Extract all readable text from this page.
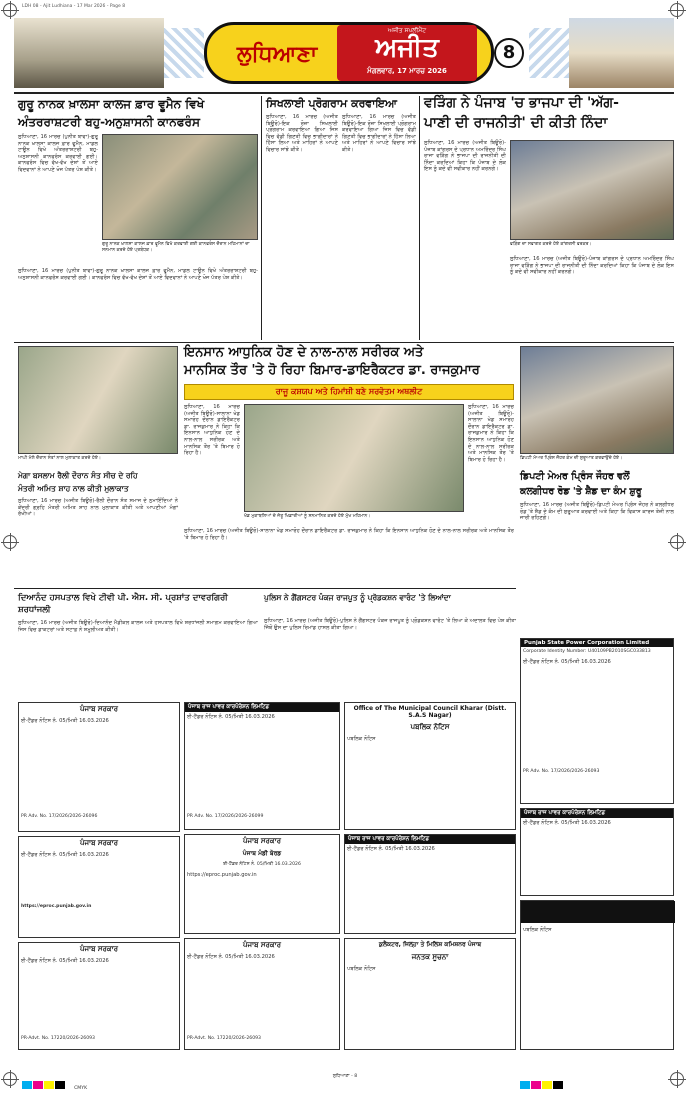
LDH 08 - Ajit Ludhiana - 17 Mar 2026 - Page 8
ਲੁਧਿਆਣਾ
ਅਜੀਤ ਸਪਲੀਮੈਂਟ
ਅਜੀਤ
ਮੰਗਲਵਾਰ, 17 ਮਾਰਚ 2026
8
ਗੁਰੂ ਨਾਨਕ ਖ਼ਾਲਸਾ ਕਾਲਜ ਫ਼ਾਰ ਵੂਮੈਨ ਵਿਖੇ
ਅੰਤਰਰਾਸ਼ਟਰੀ ਬਹੁ-ਅਨੁਸ਼ਾਸਨੀ ਕਾਨਫਰੰਸ
ਲੁਧਿਆਣਾ, 16 ਮਾਰਚ (ਪੁਨੀਤ ਬਾਵਾ)-ਗੁਰੂ ਨਾਨਕ ਖ਼ਾਲਸਾ ਕਾਲਜ ਫ਼ਾਰ ਵੂਮੈਨ, ਮਾਡਲ ਟਾਊਨ ਵਿਖੇ ਅੰਤਰਰਾਸ਼ਟਰੀ ਬਹੁ-ਅਨੁਸ਼ਾਸਨੀ ਕਾਨਫਰੰਸ ਕਰਵਾਈ ਗਈ। ਕਾਨਫਰੰਸ ਵਿਚ ਵੱਖ-ਵੱਖ ਦੇਸ਼ਾਂ ਤੋਂ ਆਏ ਵਿਦਵਾਨਾਂ ਨੇ ਆਪਣੇ ਖੋਜ ਪੱਤਰ ਪੇਸ਼ ਕੀਤੇ।
ਗੁਰੂ ਨਾਨਕ ਖ਼ਾਲਸਾ ਕਾਲਜ ਫ਼ਾਰ ਵੂਮੈਨ ਵਿਖੇ ਕਰਵਾਈ ਗਈ ਕਾਨਫਰੰਸ ਦੌਰਾਨ ਮਹਿਮਾਨਾਂ ਦਾ ਸਨਮਾਨ ਕਰਦੇ ਹੋਏ ਪ੍ਰਬੰਧਕ।
ਲੁਧਿਆਣਾ, 16 ਮਾਰਚ (ਪੁਨੀਤ ਬਾਵਾ)-ਗੁਰੂ ਨਾਨਕ ਖ਼ਾਲਸਾ ਕਾਲਜ ਫ਼ਾਰ ਵੂਮੈਨ, ਮਾਡਲ ਟਾਊਨ ਵਿਖੇ ਅੰਤਰਰਾਸ਼ਟਰੀ ਬਹੁ-ਅਨੁਸ਼ਾਸਨੀ ਕਾਨਫਰੰਸ ਕਰਵਾਈ ਗਈ। ਕਾਨਫਰੰਸ ਵਿਚ ਵੱਖ-ਵੱਖ ਦੇਸ਼ਾਂ ਤੋਂ ਆਏ ਵਿਦਵਾਨਾਂ ਨੇ ਆਪਣੇ ਖੋਜ ਪੱਤਰ ਪੇਸ਼ ਕੀਤੇ।
ਸਿਖਲਾਈ ਪ੍ਰੋਗਰਾਮ ਕਰਵਾਇਆ
ਲੁਧਿਆਣਾ, 16 ਮਾਰਚ (ਅਜੀਤ ਬਿਊਰੋ)-ਇਕ ਰੋਜ਼ਾ ਸਿਖਲਾਈ ਪ੍ਰੋਗਰਾਮ ਕਰਵਾਇਆ ਗਿਆ ਜਿਸ ਵਿਚ ਵੱਡੀ ਗਿਣਤੀ ਵਿਚ ਭਾਗੀਦਾਰਾਂ ਨੇ ਹਿੱਸਾ ਲਿਆ ਅਤੇ ਮਾਹਿਰਾਂ ਨੇ ਆਪਣੇ ਵਿਚਾਰ ਸਾਂਝੇ ਕੀਤੇ।
ਲੁਧਿਆਣਾ, 16 ਮਾਰਚ (ਅਜੀਤ ਬਿਊਰੋ)-ਇਕ ਰੋਜ਼ਾ ਸਿਖਲਾਈ ਪ੍ਰੋਗਰਾਮ ਕਰਵਾਇਆ ਗਿਆ ਜਿਸ ਵਿਚ ਵੱਡੀ ਗਿਣਤੀ ਵਿਚ ਭਾਗੀਦਾਰਾਂ ਨੇ ਹਿੱਸਾ ਲਿਆ ਅਤੇ ਮਾਹਿਰਾਂ ਨੇ ਆਪਣੇ ਵਿਚਾਰ ਸਾਂਝੇ ਕੀਤੇ।
ਵੜਿੰਗ ਨੇ ਪੰਜਾਬ 'ਚ ਭਾਜਪਾ ਦੀ 'ਅੱਗ-
ਪਾਣੀ ਦੀ ਰਾਜਨੀਤੀ' ਦੀ ਕੀਤੀ ਨਿੰਦਾ
ਲੁਧਿਆਣਾ, 16 ਮਾਰਚ (ਅਜੀਤ ਬਿਊਰੋ)-ਪੰਜਾਬ ਕਾਂਗਰਸ ਦੇ ਪ੍ਰਧਾਨ ਅਮਰਿੰਦਰ ਸਿੰਘ ਰਾਜਾ ਵੜਿੰਗ ਨੇ ਭਾਜਪਾ ਦੀ ਰਾਜਨੀਤੀ ਦੀ ਨਿੰਦਾ ਕਰਦਿਆਂ ਕਿਹਾ ਕਿ ਪੰਜਾਬ ਦੇ ਲੋਕ ਇਸ ਨੂੰ ਕਦੇ ਵੀ ਸਵੀਕਾਰ ਨਹੀਂ ਕਰਨਗੇ।
ਵੜਿੰਗ ਦਾ ਸਵਾਗਤ ਕਰਦੇ ਹੋਏ ਕਾਂਗਰਸੀ ਵਰਕਰ।
ਲੁਧਿਆਣਾ, 16 ਮਾਰਚ (ਅਜੀਤ ਬਿਊਰੋ)-ਪੰਜਾਬ ਕਾਂਗਰਸ ਦੇ ਪ੍ਰਧਾਨ ਅਮਰਿੰਦਰ ਸਿੰਘ ਰਾਜਾ ਵੜਿੰਗ ਨੇ ਭਾਜਪਾ ਦੀ ਰਾਜਨੀਤੀ ਦੀ ਨਿੰਦਾ ਕਰਦਿਆਂ ਕਿਹਾ ਕਿ ਪੰਜਾਬ ਦੇ ਲੋਕ ਇਸ ਨੂੰ ਕਦੇ ਵੀ ਸਵੀਕਾਰ ਨਹੀਂ ਕਰਨਗੇ।
ਇਨਸਾਨ ਆਧੁਨਿਕ ਹੋਣ ਦੇ ਨਾਲ-ਨਾਲ ਸਰੀਰਕ ਅਤੇ
ਮਾਨਸਿਕ ਤੌਰ 'ਤੇ ਹੋ ਰਿਹਾ ਬਿਮਾਰ-ਡਾਇਰੈਕਟਰ ਡਾ. ਰਾਜਕੁਮਾਰ
ਰਾਜੂ ਕਸ਼ਯਪ ਅਤੇ ਹਿਮਾਂਸ਼ੀ ਬਣੇ ਸਰਵੋਤਮ ਅਥਲੀਟ
ਮਾਘੀ ਮੇਲੇ ਦੌਰਾਨ ਸੰਤਾਂ ਨਾਲ ਮੁਲਾਕਾਤ ਕਰਦੇ ਹੋਏ।
ਮੇਗਾ ਬਸਲਾਮ ਰੈਲੀ ਦੌਰਾਨ ਸੰਤ ਸੀਚ ਦੇ ਰਹਿ
ਮੰਤਰੀ ਅਮਿਤ ਸ਼ਾਹ ਨਾਲ ਕੀਤੀ ਮੁਲਾਕਾਤ
ਲੁਧਿਆਣਾ, 16 ਮਾਰਚ (ਅਜੀਤ ਬਿਊਰੋ)-ਰੈਲੀ ਦੌਰਾਨ ਸੰਤ ਸਮਾਜ ਦੇ ਨੁਮਾਇੰਦਿਆਂ ਨੇ ਕੇਂਦਰੀ ਗ੍ਰਹਿ ਮੰਤਰੀ ਅਮਿਤ ਸ਼ਾਹ ਨਾਲ ਮੁਲਾਕਾਤ ਕੀਤੀ ਅਤੇ ਆਪਣੀਆਂ ਮੰਗਾਂ ਰੱਖੀਆਂ।
ਲੁਧਿਆਣਾ, 16 ਮਾਰਚ (ਅਜੀਤ ਬਿਊਰੋ)-ਸਾਲਾਨਾ ਖੇਡ ਸਮਾਰੋਹ ਦੌਰਾਨ ਡਾਇਰੈਕਟਰ ਡਾ. ਰਾਜਕੁਮਾਰ ਨੇ ਕਿਹਾ ਕਿ ਇਨਸਾਨ ਆਧੁਨਿਕ ਹੋਣ ਦੇ ਨਾਲ-ਨਾਲ ਸਰੀਰਕ ਅਤੇ ਮਾਨਸਿਕ ਤੌਰ 'ਤੇ ਬਿਮਾਰ ਹੋ ਰਿਹਾ ਹੈ।
ਲੁਧਿਆਣਾ, 16 ਮਾਰਚ (ਅਜੀਤ ਬਿਊਰੋ)-ਸਾਲਾਨਾ ਖੇਡ ਸਮਾਰੋਹ ਦੌਰਾਨ ਡਾਇਰੈਕਟਰ ਡਾ. ਰਾਜਕੁਮਾਰ ਨੇ ਕਿਹਾ ਕਿ ਇਨਸਾਨ ਆਧੁਨਿਕ ਹੋਣ ਦੇ ਨਾਲ-ਨਾਲ ਸਰੀਰਕ ਅਤੇ ਮਾਨਸਿਕ ਤੌਰ 'ਤੇ ਬਿਮਾਰ ਹੋ ਰਿਹਾ ਹੈ।
ਖੇਡ ਮੁਕਾਬਲਿਆਂ ਦੇ ਜੇਤੂ ਖਿਡਾਰੀਆਂ ਨੂੰ ਸਨਮਾਨਿਤ ਕਰਦੇ ਹੋਏ ਮੁੱਖ ਮਹਿਮਾਨ।
ਲੁਧਿਆਣਾ, 16 ਮਾਰਚ (ਅਜੀਤ ਬਿਊਰੋ)-ਸਾਲਾਨਾ ਖੇਡ ਸਮਾਰੋਹ ਦੌਰਾਨ ਡਾਇਰੈਕਟਰ ਡਾ. ਰਾਜਕੁਮਾਰ ਨੇ ਕਿਹਾ ਕਿ ਇਨਸਾਨ ਆਧੁਨਿਕ ਹੋਣ ਦੇ ਨਾਲ-ਨਾਲ ਸਰੀਰਕ ਅਤੇ ਮਾਨਸਿਕ ਤੌਰ 'ਤੇ ਬਿਮਾਰ ਹੋ ਰਿਹਾ ਹੈ।
ਡਿਪਟੀ ਮੇਅਰ ਪ੍ਰਿੰਸ ਜੌਹਰ ਕੰਮ ਦੀ ਸ਼ੁਰੂਆਤ ਕਰਵਾਉਂਦੇ ਹੋਏ।
ਡਿਪਟੀ ਮੇਅਰ ਪ੍ਰਿੰਸ ਜੌਹਰ ਵਲੋਂ
ਕਲਗੀਧਰ ਰੋਡ 'ਤੇ ਸ਼ੈਡ ਦਾ ਕੰਮ ਸ਼ੁਰੂ
ਲੁਧਿਆਣਾ, 16 ਮਾਰਚ (ਅਜੀਤ ਬਿਊਰੋ)-ਡਿਪਟੀ ਮੇਅਰ ਪ੍ਰਿੰਸ ਜੌਹਰ ਨੇ ਕਲਗੀਧਰ ਰੋਡ 'ਤੇ ਸ਼ੈਡ ਦੇ ਕੰਮ ਦੀ ਸ਼ੁਰੂਆਤ ਕਰਵਾਈ ਅਤੇ ਕਿਹਾ ਕਿ ਵਿਕਾਸ ਕਾਰਜ ਤੇਜ਼ੀ ਨਾਲ ਜਾਰੀ ਰਹਿਣਗੇ।
ਦਿਆਨੰਦ ਹਸਪਤਾਲ ਵਿਖੇ ਟੀਵੀ ਪੀ. ਐਸ. ਸੀ. ਪ੍ਰਸ਼ਾਂਤ ਦਾਵਰਗਿਰੀ ਸ਼ਰਧਾਂਜਲੀ
ਲੁਧਿਆਣਾ, 16 ਮਾਰਚ (ਅਜੀਤ ਬਿਊਰੋ)-ਦਿਆਨੰਦ ਮੈਡੀਕਲ ਕਾਲਜ ਅਤੇ ਹਸਪਤਾਲ ਵਿਖੇ ਸ਼ਰਧਾਂਜਲੀ ਸਮਾਗਮ ਕਰਵਾਇਆ ਗਿਆ ਜਿਸ ਵਿਚ ਡਾਕਟਰਾਂ ਅਤੇ ਸਟਾਫ਼ ਨੇ ਸ਼ਮੂਲੀਅਤ ਕੀਤੀ।
ਪੁਲਿਸ ਨੇ ਗੈਂਗਸਟਰ ਪੰਕਜ ਰਾਜਪੂਤ ਨੂੰ ਪ੍ਰੋਡਕਸ਼ਨ ਵਾਰੰਟ 'ਤੇ ਲਿਆਂਦਾ
ਲੁਧਿਆਣਾ, 16 ਮਾਰਚ (ਅਜੀਤ ਬਿਊਰੋ)-ਪੁਲਿਸ ਨੇ ਗੈਂਗਸਟਰ ਪੰਕਜ ਰਾਜਪੂਤ ਨੂੰ ਪ੍ਰੋਡਕਸ਼ਨ ਵਾਰੰਟ 'ਤੇ ਲਿਆ ਕੇ ਅਦਾਲਤ ਵਿਚ ਪੇਸ਼ ਕੀਤਾ ਜਿੱਥੋਂ ਉਸ ਦਾ ਪੁਲਿਸ ਰਿਮਾਂਡ ਹਾਸਲ ਕੀਤਾ ਗਿਆ।
Punjab State Power Corporation Limited
Corporate Identity Number: U40109PB2010SGC033813
ਈ-ਟੈਂਡਰ ਨੋਟਿਸ ਨੰ. 05/ਮਿਤੀ 16.03.2026
PR Adv. No. 17/2026/2026-26093
ਪੰਜਾਬ ਸਰਕਾਰ
ਈ-ਟੈਂਡਰ ਨੋਟਿਸ ਨੰ. 05/ਮਿਤੀ 16.03.2026
PR Adv. No. 17/2026/2026-26096
ਪੰਜਾਬ ਰਾਜ ਪਾਵਰ ਕਾਰਪੋਰੇਸ਼ਨ ਲਿਮਟਿਡ
ਈ-ਟੈਂਡਰ ਨੋਟਿਸ ਨੰ. 05/ਮਿਤੀ 16.03.2026
PR Adv. No. 17/2026/2026-26099
Office of The Municipal Council Kharar (Distt. S.A.S Nagar)
ਪਬਲਿਕ ਨੋਟਿਸ
ਪਬਲਿਕ ਨੋਟਿਸ
ਪੰਜਾਬ ਰਾਜ ਪਾਵਰ ਕਾਰਪੋਰੇਸ਼ਨ ਲਿਮਟਿਡ
ਈ-ਟੈਂਡਰ ਨੋਟਿਸ ਨੰ. 05/ਮਿਤੀ 16.03.2026
ਪੰਜਾਬ ਸਰਕਾਰ
ਈ-ਟੈਂਡਰ ਨੋਟਿਸ ਨੰ. 05/ਮਿਤੀ 16.03.2026
https://eproc.punjab.gov.in
ਪੰਜਾਬ ਸਰਕਾਰ
ਪੰਜਾਬ ਮੰਡੀ ਬੋਰਡ
ਈ-ਟੈਂਡਰ ਨੋਟਿਸ ਨੰ. 05/ਮਿਤੀ 16.03.2026
https://eproc.punjab.gov.in
ਪੰਜਾਬ ਰਾਜ ਪਾਵਰ ਕਾਰਪੋਰੇਸ਼ਨ ਲਿਮਟਿਡ
ਈ-ਟੈਂਡਰ ਨੋਟਿਸ ਨੰ. 05/ਮਿਤੀ 16.03.2026
ਪਬਲਿਕ ਨੋਟਿਸ
ਪੰਜਾਬ ਸਰਕਾਰ
ਈ-ਟੈਂਡਰ ਨੋਟਿਸ ਨੰ. 05/ਮਿਤੀ 16.03.2026
PR-Advt. No. 17220/2026-26093
ਪੰਜਾਬ ਸਰਕਾਰ
ਈ-ਟੈਂਡਰ ਨੋਟਿਸ ਨੰ. 05/ਮਿਤੀ 16.03.2026
PR-Advt. No. 17220/2026-26093
ਕੁਲੈਕਟਰ, ਜਿਲ੍ਹਾ ਤੇ ਮਿਲਿਸ਼ ਕਮਿਸ਼ਨਰ ਪੰਜਾਬ
ਜਨਤਕ ਸੂਚਨਾ
ਪਬਲਿਕ ਨੋਟਿਸ
CMYK
ਲੁਧਿਆਣਾ - 8
